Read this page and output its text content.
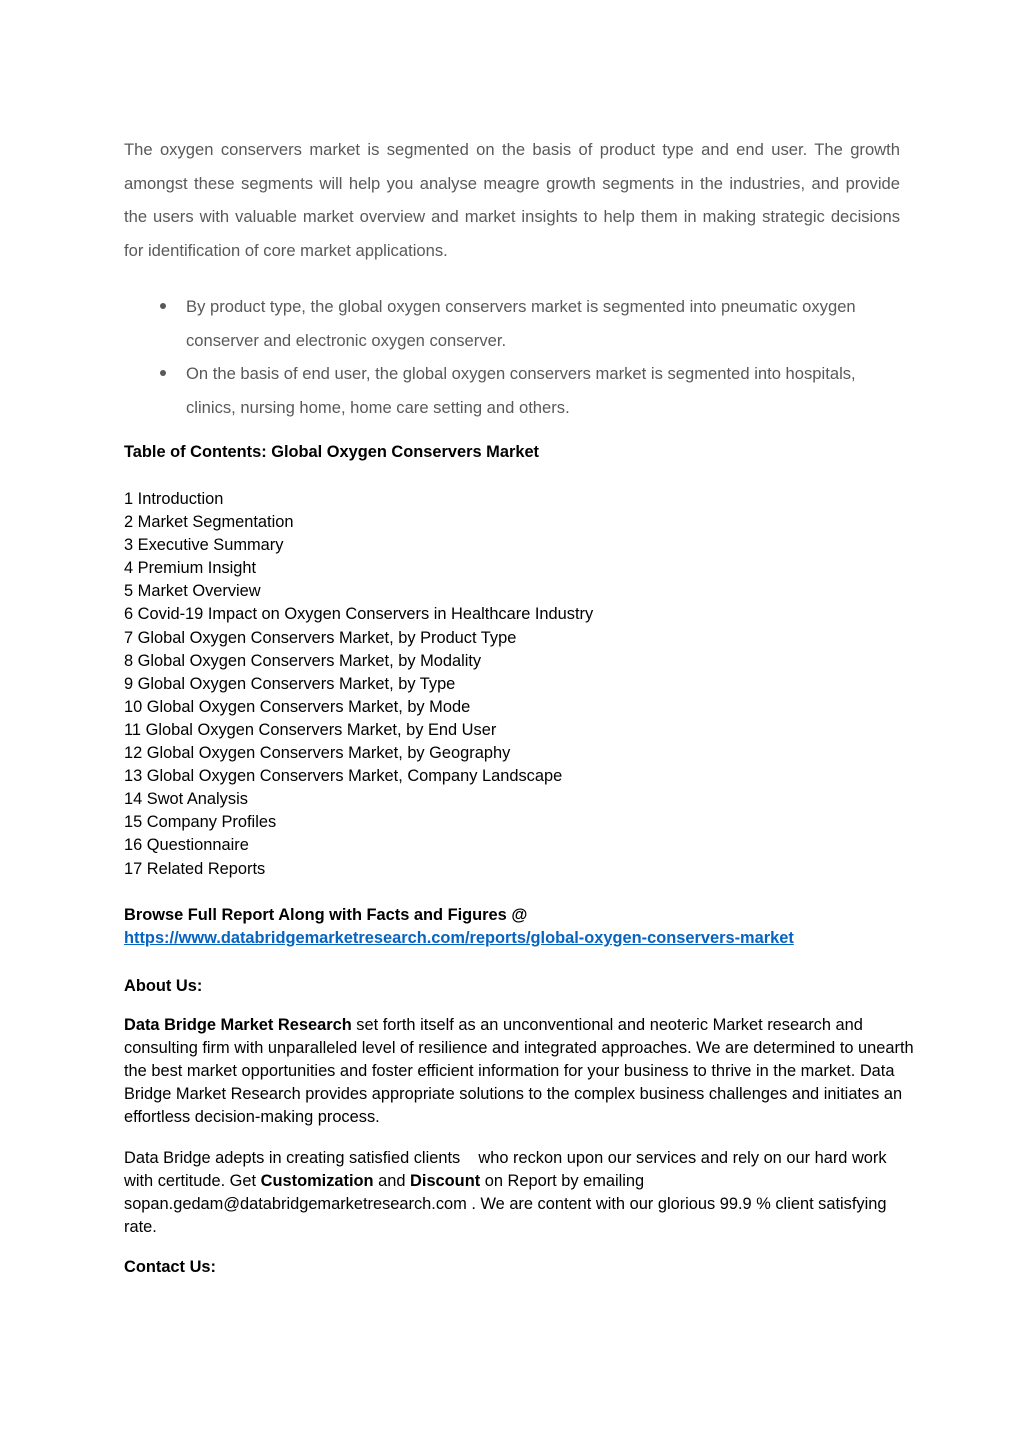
The oxygen conservers market is segmented on the basis of product type and end user. The growth amongst these segments will help you analyse meagre growth segments in the industries, and provide the users with valuable market overview and market insights to help them in making strategic decisions for identification of core market applications.

By product type, the global oxygen conservers market is segmented into pneumatic oxygen conserver and electronic oxygen conserver.
On the basis of end user, the global oxygen conservers market is segmented into hospitals, clinics, nursing home, home care setting and others.

Table of Contents: Global Oxygen Conservers Market

1 Introduction
2 Market Segmentation
3 Executive Summary
4 Premium Insight
5 Market Overview
6 Covid-19 Impact on Oxygen Conservers in Healthcare Industry
7 Global Oxygen Conservers Market, by Product Type
8 Global Oxygen Conservers Market, by Modality
9 Global Oxygen Conservers Market, by Type
10 Global Oxygen Conservers Market, by Mode
11 Global Oxygen Conservers Market, by End User
12 Global Oxygen Conservers Market, by Geography
13 Global Oxygen Conservers Market, Company Landscape
14 Swot Analysis
15 Company Profiles
16 Questionnaire
17 Related Reports
Browse Full Report Along with Facts and Figures @
https://www.databridgemarketresearch.com/reports/global-oxygen-conservers-market

About Us:

Data Bridge Market Research set forth itself as an unconventional and neoteric Market research and consulting firm with unparalleled level of resilience and integrated approaches. We are determined to unearth the best market opportunities and foster efficient information for your business to thrive in the market. Data Bridge Market Research provides appropriate solutions to the complex business challenges and initiates an effortless decision-making process.

Data Bridge adepts in creating satisfied clients    who reckon upon our services and rely on our hard work with certitude. Get Customization and Discount on Report by emailing sopan.gedam@databridgemarketresearch.com . We are content with our glorious 99.9 % client satisfying rate.

Contact Us:
